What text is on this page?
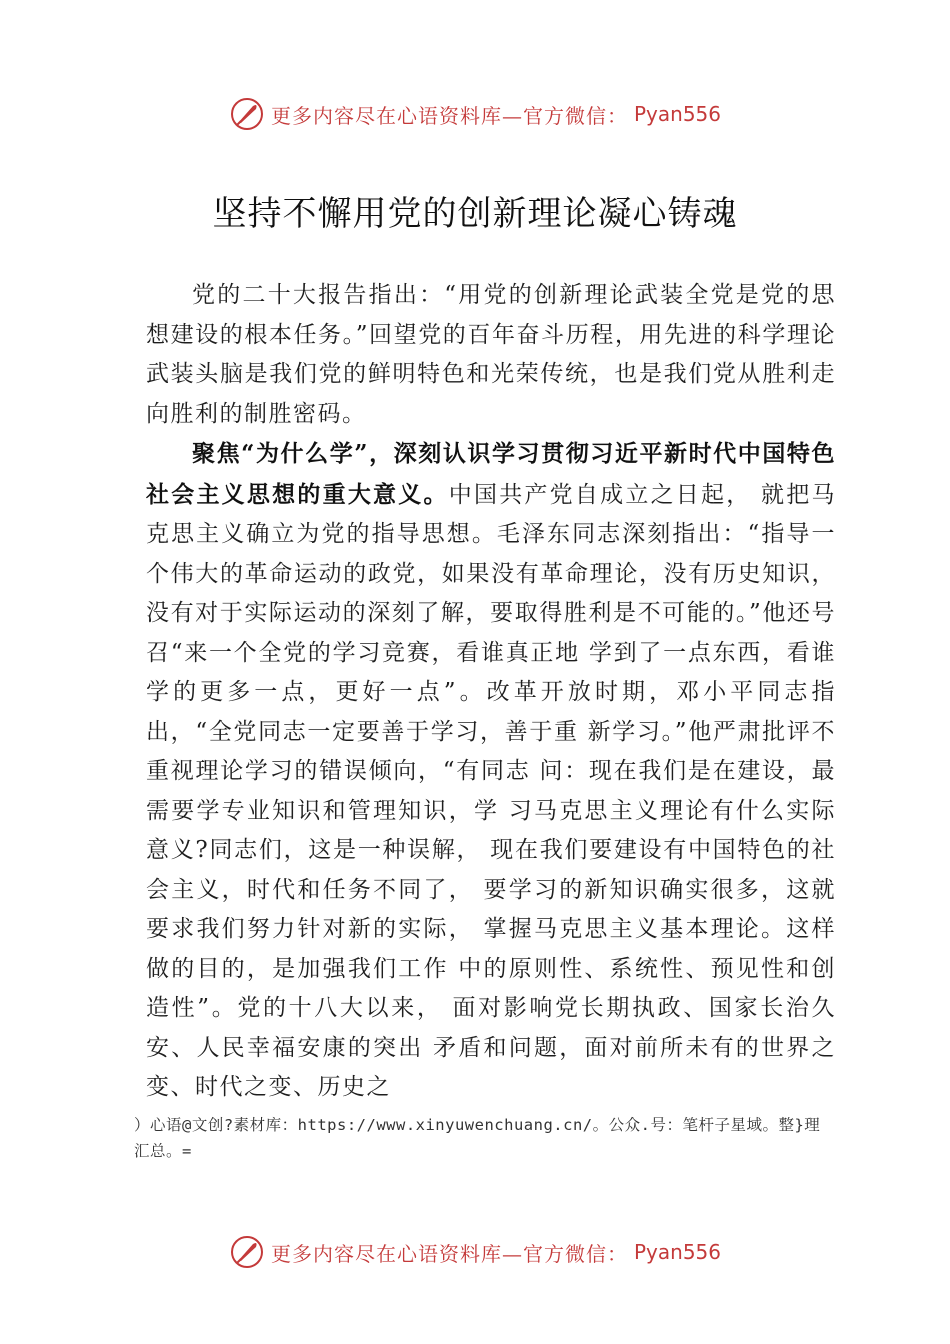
更多内容尽在心语资料库—官方微信： Pyan556
坚持不懈用党的创新理论凝心铸魂

党的二十大报告指出：“用党的创新理论武装全党是党的思想建设的根本任务。”回望党的百年奋斗历程，用先进的科学理论武装头脑是我们党的鲜明特色和光荣传统，也是我们党从胜利走向胜利的制胜密码。

聚焦“为什么学”，深刻认识学习贯彻习近平新时代中国特色社会主义思想的重大意义。中国共产党自成立之日起， 就把马克思主义确立为党的指导思想。毛泽东同志深刻指出：“指导一个伟大的革命运动的政党，如果没有革命理论，没有历史知识，没有对于实际运动的深刻了解，要取得胜利是不可能的。”他还号召“来一个全党的学习竞赛，看谁真正地 学到了一点东西，看谁学的更多一点，更好一点”。改革开放时期，邓小平同志指出，“全党同志一定要善于学习，善于重 新学习。”他严肃批评不重视理论学习的错误倾向，“有同志 问：现在我们是在建设，最需要学专业知识和管理知识，学 习马克思主义理论有什么实际意义?同志们，这是一种误解， 现在我们要建设有中国特色的社会主义，时代和任务不同了， 要学习的新知识确实很多，这就要求我们努力针对新的实际， 掌握马克思主义基本理论。这样做的目的，是加强我们工作 中的原则性、系统性、预见性和创造性”。党的十八大以来， 面对影响党长期执政、国家长治久安、人民幸福安康的突出 矛盾和问题，面对前所未有的世界之变、时代之变、历史之

）心语@文创?素材库：https://www.xinyuwenchuang.cn/。公众.号：笔杆子星域。整}理汇总。=
更多内容尽在心语资料库—官方微信： Pyan556
